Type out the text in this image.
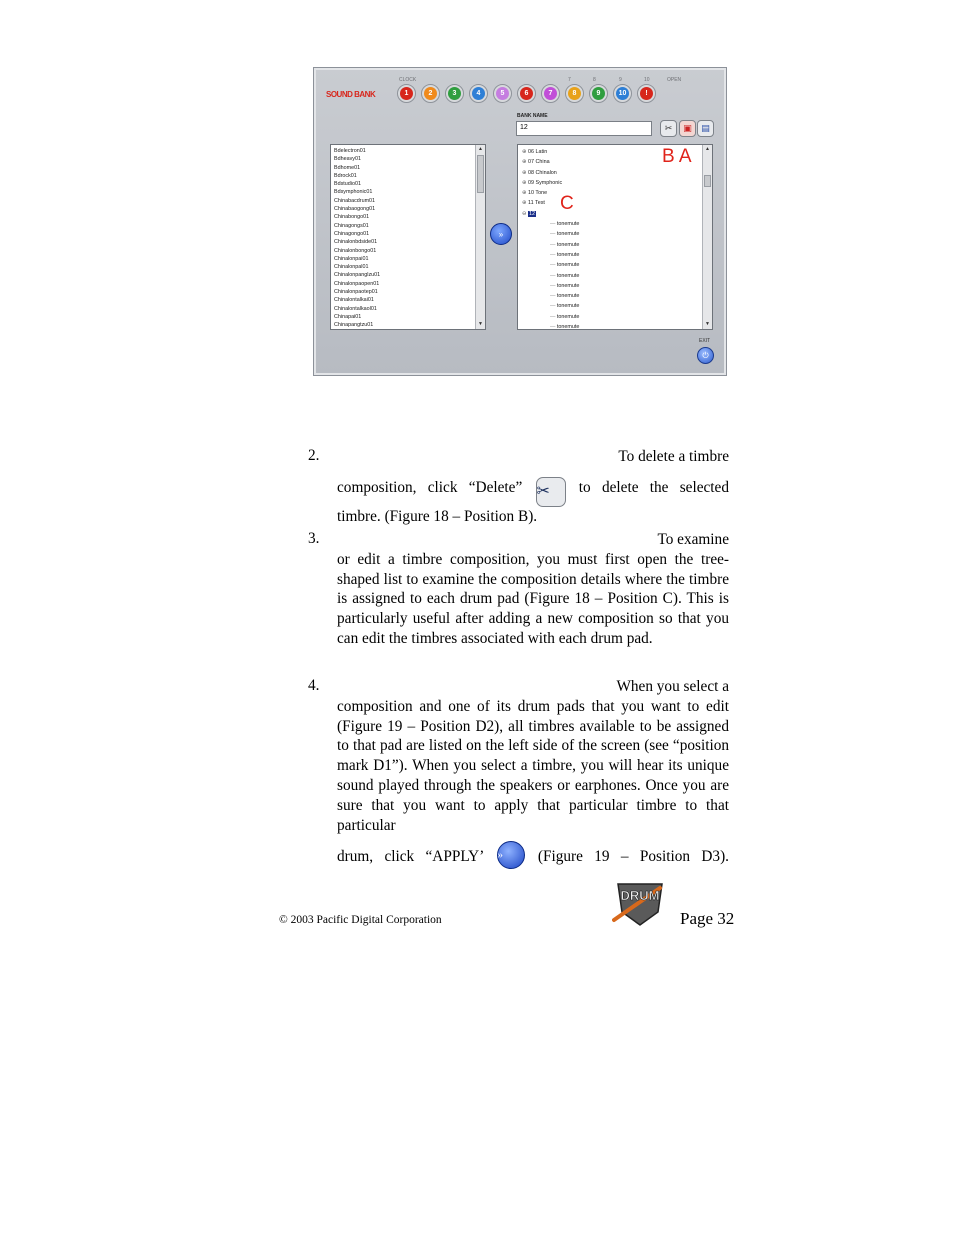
SOUND BANK
CLOCK	7	8	9	10	OPEN
1	2	3	4	5	6	7	8	9	10	!
BANK NAME
12	✂ ▣ ▤
Bdelectron01
Bdheavy01
Bdhome01
Bdrock01
Bdstudio01
Bdsymphonic01
Chinabacdrum01
Chinabaogong01
Chinabongo01
Chinagongs01
Chinagongo01
Chinalonbdside01
Chinalonbongo01
Chinalonpai01
Chinalonpal01
Chinalonpanglzu01
Chinalonpaopen01
Chinalonpaotep01
Chinalontalkai01
Chinalontalkaol01
Chinapai01
Chinapangtzu01
▲
▼
»
⊕ 06 Latin
⊕ 07 China
⊕ 08 Chinalon
⊕ 09 Symphonic
⊕ 10 Tone
⊕ 11 Test
⊖ 12
— tonemute
— tonemute
— tonemute
— tonemute
— tonemute
— tonemute
— tonemute
— tonemute
— tonemute
— tonemute
— tonemute
▲
▼
B A
C
EXIT
⏻
2.	To delete a timbre
composition, click “Delete” ✂ to delete the selected
timbre. (Figure 18 – Position B).
3.	To examine
or edit a timbre composition, you must first open the tree-shaped list to examine the composition details where the timbre is assigned to each drum pad (Figure 18 – Position C). This is particularly useful after adding a new composition so that you can edit the timbres associated with each drum pad.
4.	When you select a
composition and one of its drum pads that you want to edit (Figure 19 – Position D2), all timbres available to be assigned to that pad are listed on the left side of the screen (see “position mark D1”). When you select a timbre, you will hear its unique sound played through the speakers or earphones. Once you are sure that you want to apply that particular timbre to that particular
drum, click “APPLY’ » (Figure 19 – Position D3).
© 2003 Pacific Digital Corporation
DRUM
Page 32
